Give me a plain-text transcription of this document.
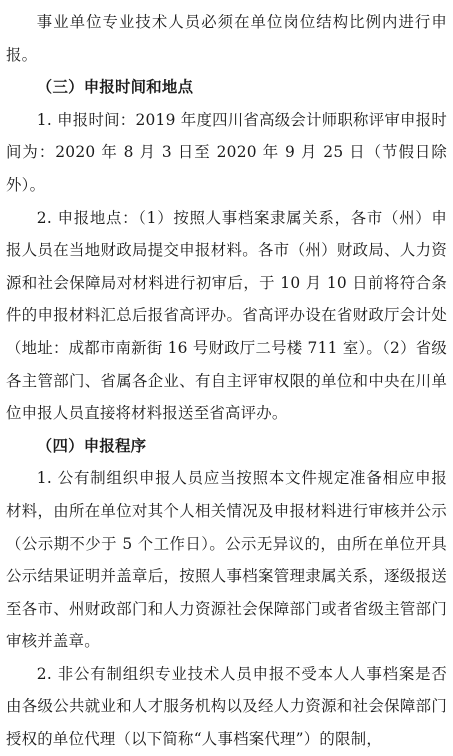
事业单位专业技术人员必须在单位岗位结构比例内进行申报。

（三）申报时间和地点

1. 申报时间：2019 年度四川省高级会计师职称评审申报时间为：2020 年 8 月 3 日至 2020 年 9 月 25 日（节假日除外）。

2. 申报地点：（1）按照人事档案隶属关系，各市（州）申报人员在当地财政局提交申报材料。各市（州）财政局、人力资源和社会保障局对材料进行初审后，于 10 月 10 日前将符合条件的申报材料汇总后报省高评办。省高评办设在省财政厅会计处（地址：成都市南新街 16 号财政厅二号楼 711 室）。（2）省级各主管部门、省属各企业、有自主评审权限的单位和中央在川单位申报人员直接将材料报送至省高评办。

（四）申报程序

1. 公有制组织申报人员应当按照本文件规定准备相应申报材料，由所在单位对其个人相关情况及申报材料进行审核并公示（公示期不少于 5 个工作日）。公示无异议的，由所在单位开具公示结果证明并盖章后，按照人事档案管理隶属关系，逐级报送至各市、州财政部门和人力资源社会保障部门或者省级主管部门审核并盖章。

2. 非公有制组织专业技术人员申报不受本人人事档案是否由各级公共就业和人才服务机构以及经人力资源和社会保障部门授权的单位代理（以下简称“人事档案代理”）的限制，
